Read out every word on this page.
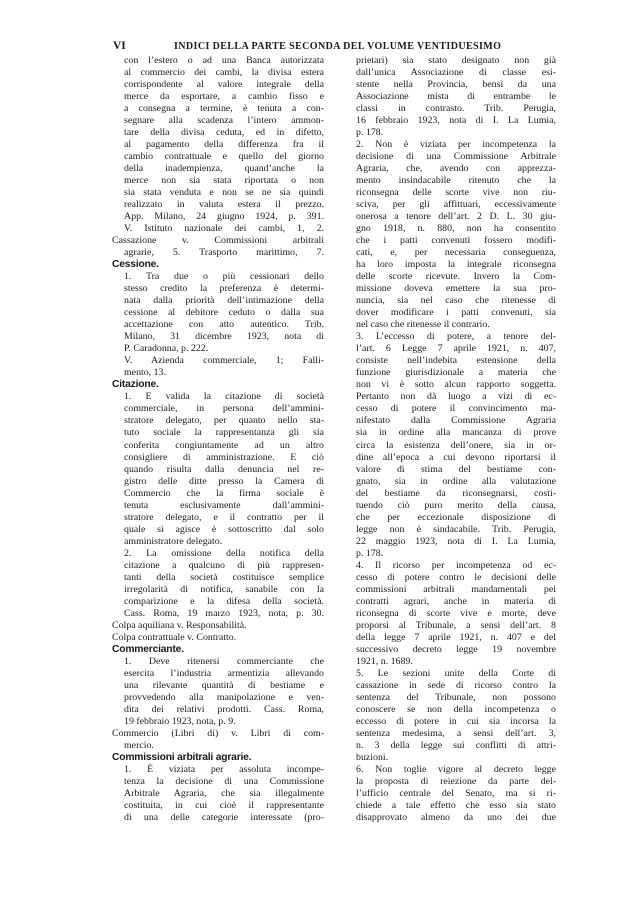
VI	INDICI DELLA PARTE SECONDA DEL VOLUME VENTIDUESIMO
con l’estero o ad una Banca autorizzata
al commercio dei cambi, la divisa estera
corrispondente al valore integrale della
merce da esportare, a cambio fisso e
a consegna a termine, è tenuta a con-
segnare alla scadenza l’intero ammon-
tare della divisa ceduta, ed in difetto,
al pagamento della differenza fra il
cambio contrattuale e quello del giorno
della inadempienza, quand’anche la
merce non sia stata riportata o non
sia stata venduta e non se ne sia quindi
realizzato in valuta estera il prezzo.
App. Milano, 24 giugno 1924, p. 391.
V. Istituto nazionale dei cambi, 1, 2.
Cassazione v. Commissioni arbitrali
agrarie, 5. Trasporto marittimo, 7.
Cessione.
1. Tra due o più cessionari dello
stesso credito la preferenza è determi-
nata dalla priorità dell’intimazione della
cessione al debitore ceduto o dalla sua
accettazione con atto autentico. Trib.
Milano, 31 dicembre 1923, nota di
P. Caradonna, p. 222.
V. Azienda commerciale, 1; Falli-
mento, 13.
Citazione.
1. E valida la citazione di società
commerciale, in persona dell’ammini-
stratore delegato, per quanto nello sta-
tuto sociale la rappresentanza gli sia
conferita congiuntamente ad un altro
consigliere di amministrazione. E ciò
quando risulta dalla denuncia nel re-
gistro delle ditte presso la Camera di
Commercio che la firma sociale è
tenuta esclusivamente dall’ammini-
stratore delegato, e il contratto per il
quale si agisce è sottoscritto dal solo
amministratore delegato.
2. La omissione della notifica della
citazione a qualcuno di più rappresen-
tanti della società costituisce semplice
irregolarità di notifica, sanabile con la
comparizione e la difesa della società.
Cass. Roma, 19 marzo 1923, nota, p. 30.
Colpa aquiliana v. Responsabilità.
Colpa contrattuale v. Contratto.
Commerciante.
1. Deve ritenersi commerciante che
esercita l’industria armentizia allevando
una rilevante quantità di bestiame e
provvedendo alla manipolazione e ven-
dita dei relativi prodotti. Cass. Roma,
19 febbraio 1923, nota, p. 9.
Commercio (Libri di) v. Libri di com-
mercio.
Commissioni arbitrali agrarie.
1. È viziata per assoluta incompe-
tenza la decisione di una Commissione
Arbitrale Agraria, che sia illegalmente
costituita, in cui cioè il rappresentante
di una delle categorie interessate (pro-
prietari) sia stato designato non già
dall’unica Associazione di classe esi-
stente nella Provincia, bensì da una
Associazione mista di entrambe le
classi in contrasto. Trib. Perugia,
16 febbraio 1923, nota di I. La Lumia,
p. 178.
2. Non è viziata per incompetenza la
decisione di una Commissione Arbitrale
Agraria, che, avendo con apprezza-
mento insindacabile ritenuto che la
riconsegna delle scorte vive non riu-
sciva, per gli affittuari, eccessivamente
onerosa a tenore dell’art. 2 D. L. 30 giu-
gno 1918, n. 880, non ha consentito
che i patti convenuti fossero modifi-
cati, e, per necessaria conseguenza,
ha loro imposta la integrale riconsegna
delle scorte ricevute. Invero la Com-
missione doveva emettere la sua pro-
nuncia, sia nel caso che ritenesse di
dover modificare i patti convenuti, sia
nel caso che ritenesse il contrario.
3. L’eccesso di potere, a tenore del-
l’art. 6 Legge 7 aprile 1921, n. 407,
consiste nell’indebita estensione della
funzione giurisdizionale a materia che
non vi è sotto alcun rapporto soggetta.
Pertanto non dà luogo a vizi di ec-
cesso di potere il convincimento ma-
nifestato dalla Commissione Agraria
sia in ordine alla mancanza di prove
circa la esistenza dell’onere, sia in or-
dine all’epoca a cui devono riportarsi il
valore di stima del bestiame con-
gnato, sia in ordine alla valutazione
del bestiame da riconsegnarsi, costi-
tuendo ciò puro merito della causa,
che per eccezionale disposizione di
legge non è sindacabile. Trib. Perugia,
22 maggio 1923, nota di I. La Lumia,
p. 178.
4. Il ricorso per incompetenza od ec-
cesso di potere contro le decisioni delle
commissioni arbitrali mandamentali pei
contratti agrari, anche in materia di
riconsegna di scorte vive e morte, deve
proporsi al Tribunale, a sensi dell’art. 8
della legge 7 aprile 1921, n. 407 e del
successivo decreto legge 19 novembre
1921, n. 1689.
5. Le sezioni unite della Corte di
cassazione in sede di ricorso contro la
sentenza del Tribunale, non possono
conoscere se non della incompetenza o
eccesso di potere in cui sia incorsa la
sentenza medesima, a sensi dell’art. 3,
n. 3 della legge sui conflitti di attri-
buzioni.
6. Non toglie vigore al decreto legge
la proposta di reiezione da parte del-
l’ufficio centrale del Senato, ma si ri-
chiede a tale effetto che esso sia stato
disapprovato almeno da uno dei due
